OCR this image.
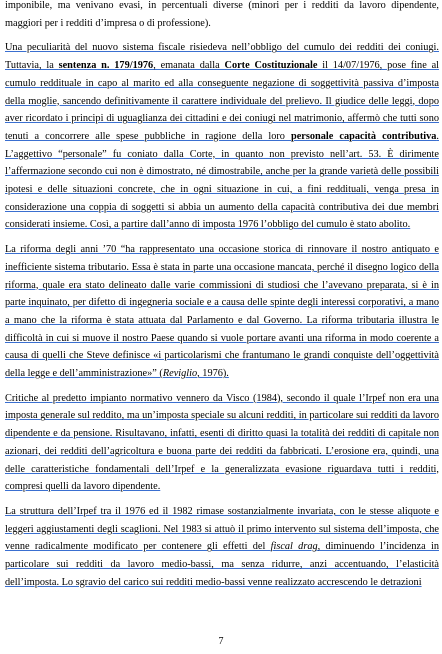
imponibile, ma venivano evasi, in percentuali diverse (minori per i redditi da lavoro dipendente, maggiori per i redditi d’impresa o di professione).

Una peculiarità del nuovo sistema fiscale risiedeva nell’obbligo del cumulo dei redditi dei coniugi. Tuttavia, la sentenza n. 179/1976, emanata dalla Corte Costituzionale il 14/07/1976, pose fine al cumulo reddituale in capo al marito ed alla conseguente negazione di soggettività passiva d’imposta della moglie, sancendo definitivamente il carattere individuale del prelievo. Il giudice delle leggi, dopo aver ricordato i principi di uguaglianza dei cittadini e dei coniugi nel matrimonio, affermò che tutti sono tenuti a concorrere alle spese pubbliche in ragione della loro personale capacità contributiva. L’aggettivo “personale” fu coniato dalla Corte, in quanto non previsto nell’art. 53. È dirimente l’affermazione secondo cui non è dimostrato, né dimostrabile, anche per la grande varietà delle possibili ipotesi e delle situazioni concrete, che in ogni situazione in cui, a fini reddituali, venga presa in considerazione una coppia di soggetti si abbia un aumento della capacità contributiva dei due membri considerati insieme. Così, a partire dall’anno di imposta 1976 l’obbligo del cumulo è stato abolito.

La riforma degli anni ’70 “ha rappresentato una occasione storica di rinnovare il nostro antiquato e inefficiente sistema tributario. Essa è stata in parte una occasione mancata, perché il disegno logico della riforma, quale era stato delineato dalle varie commissioni di studiosi che l’avevano preparata, si è in parte inquinato, per difetto di ingegneria sociale e a causa delle spinte degli interessi corporativi, a mano a mano che la riforma è stata attuata dal Parlamento e dal Governo. La riforma tributaria illustra le difficoltà in cui si muove il nostro Paese quando si vuole portare avanti una riforma in modo coerente a causa di quelli che Steve definisce «i particolarismi che frantumano le grandi conquiste dell’oggettività della legge e dell’amministrazione»” (Reviglio, 1976).

Critiche al predetto impianto normativo vennero da Visco (1984), secondo il quale l’Irpef non era una imposta generale sul reddito, ma un’imposta speciale su alcuni redditi, in particolare sui redditi da lavoro dipendente e da pensione. Risultavano, infatti, esenti di diritto quasi la totalità dei redditi di capitale non azionari, dei redditi dell’agricoltura e buona parte dei redditi da fabbricati. L’erosione era, quindi, una delle caratteristiche fondamentali dell’Irpef e la generalizzata evasione riguardava tutti i redditi, compresi quelli da lavoro dipendente.

La struttura dell’Irpef tra il 1976 ed il 1982 rimase sostanzialmente invariata, con le stesse aliquote e leggeri aggiustamenti degli scaglioni. Nel 1983 si attuò il primo intervento sul sistema dell’imposta, che venne radicalmente modificato per contenere gli effetti del fiscal drag, diminuendo l’incidenza in particolare sui redditi da lavoro medio-bassi, ma senza ridurre, anzi accentuando, l’elasticità dell’imposta. Lo sgravio del carico sui redditi medio-bassi venne realizzato accrescendo le detrazioni

7
